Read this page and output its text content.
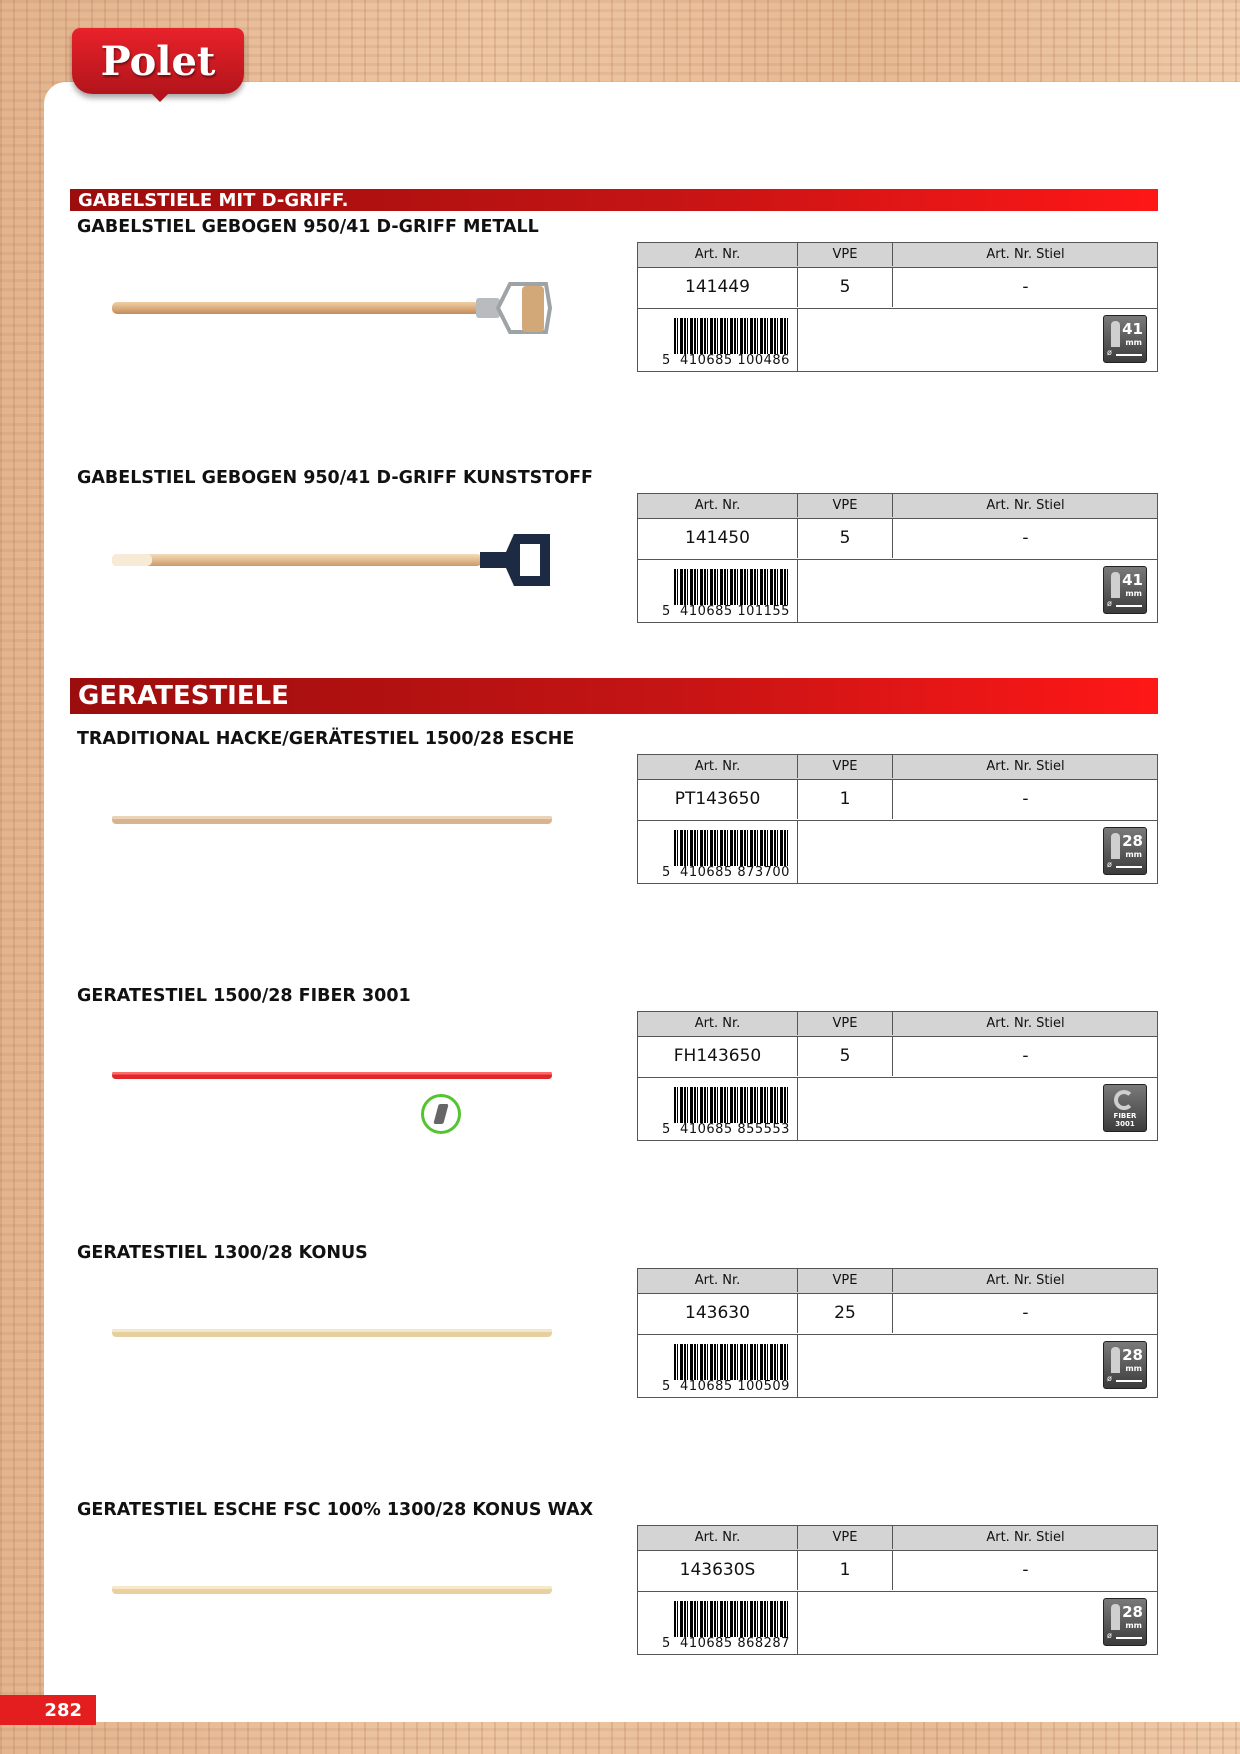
Polet
GABELSTIELE MIT D-GRIFF.
GERATESTIELE
GABELSTIEL GEBOGEN 950/41 D-GRIFF METALL
Art. Nr.	VPE	Art. Nr. Stiel
141449	5	-
5 410685 100486
41
mm
ø
GABELSTIEL GEBOGEN 950/41 D-GRIFF KUNSTSTOFF
Art. Nr.	VPE	Art. Nr. Stiel
141450	5	-
5 410685 101155
41
mm
ø
TRADITIONAL HACKE/GERÄTESTIEL 1500/28 ESCHE
Art. Nr.	VPE	Art. Nr. Stiel
PT143650	1	-
5 410685 873700
28
mm
ø
GERATESTIEL 1500/28 FIBER 3001
Art. Nr.	VPE	Art. Nr. Stiel
FH143650	5	-
5 410685 855553
FIBER 3001
GERATESTIEL 1300/28 KONUS
Art. Nr.	VPE	Art. Nr. Stiel
143630	25	-
5 410685 100509
28
mm
ø
GERATESTIEL ESCHE FSC 100% 1300/28 KONUS WAX
Art. Nr.	VPE	Art. Nr. Stiel
143630S	1	-
5 410685 868287
28
mm
ø
282
